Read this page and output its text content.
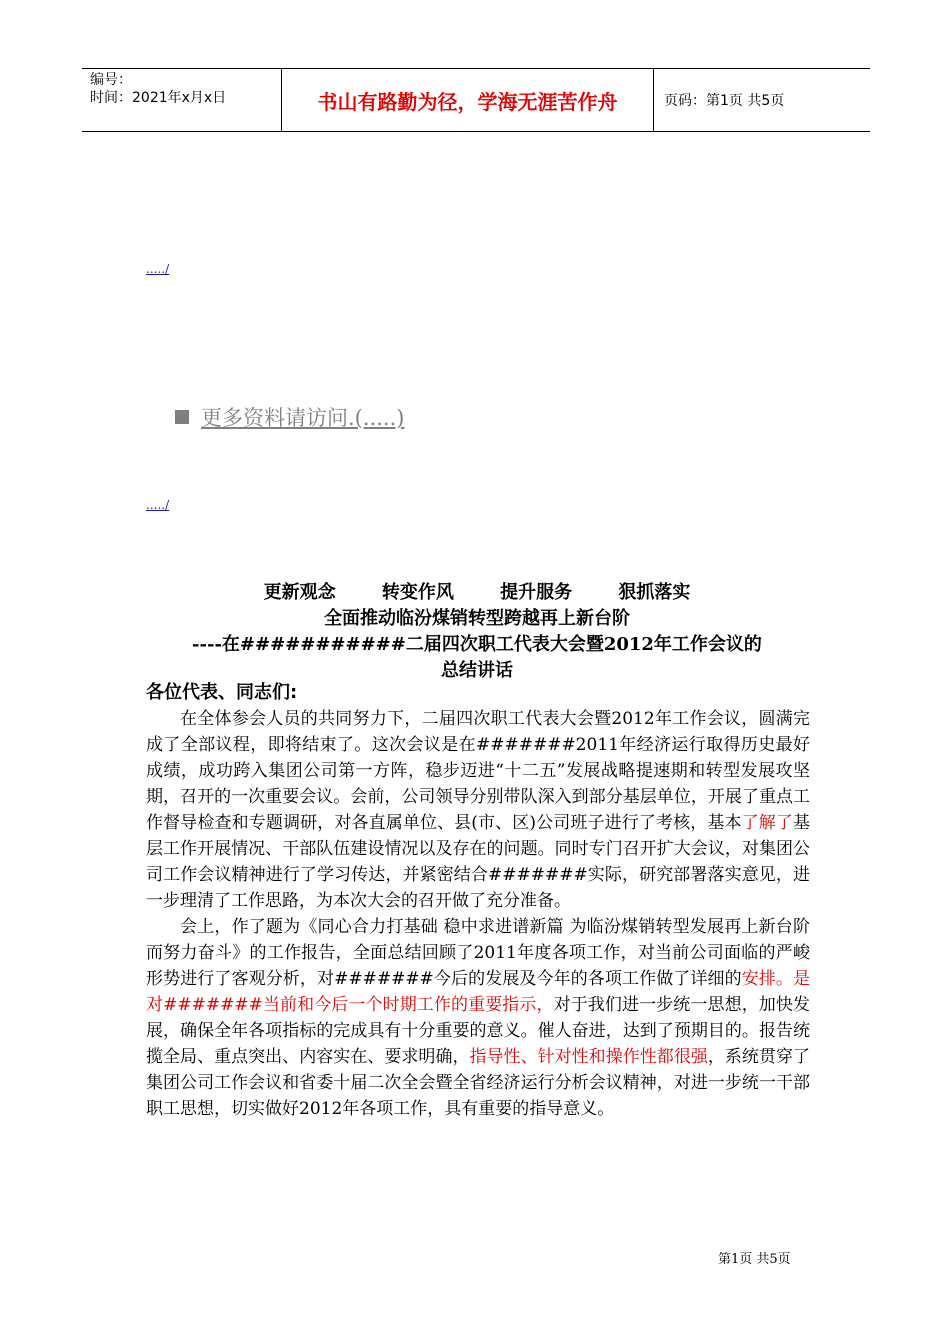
编号：
时间：2021年x月x日	书山有路勤为径，学海无涯苦作舟	页码：第1页 共5页
...../
更多资料请访问.(.....)
...../
更新观念	转变作风	提升服务	狠抓落实
全面推动临汾煤销转型跨越再上新台阶
----在###########二届四次职工代表大会暨2012年工作会议的
总结讲话
各位代表、同志们:

在全体参会人员的共同努力下，二届四次职工代表大会暨2012年工作会议，圆满完成了全部议程，即将结束了。这次会议是在#######2011年经济运行取得历史最好成绩，成功跨入集团公司第一方阵，稳步迈进“十二五”发展战略提速期和转型发展攻坚期，召开的一次重要会议。会前，公司领导分别带队深入到部分基层单位，开展了重点工作督导检查和专题调研，对各直属单位、县(市、区)公司班子进行了考核，基本了解了基层工作开展情况、干部队伍建设情况以及存在的问题。同时专门召开扩大会议，对集团公司工作会议精神进行了学习传达，并紧密结合#######实际，研究部署落实意见，进一步理清了工作思路，为本次大会的召开做了充分准备。

会上，作了题为《同心合力打基础 稳中求进谱新篇 为临汾煤销转型发展再上新台阶而努力奋斗》的工作报告，全面总结回顾了2011年度各项工作，对当前公司面临的严峻形势进行了客观分析，对#######今后的发展及今年的各项工作做了详细的安排。是对#######当前和今后一个时期工作的重要指示，对于我们进一步统一思想，加快发展，确保全年各项指标的完成具有十分重要的意义。催人奋进，达到了预期目的。报告统揽全局、重点突出、内容实在、要求明确，指导性、针对性和操作性都很强，系统贯穿了集团公司工作会议和省委十届二次全会暨全省经济运行分析会议精神，对进一步统一干部职工思想，切实做好2012年各项工作，具有重要的指导意义。

第1页 共5页
